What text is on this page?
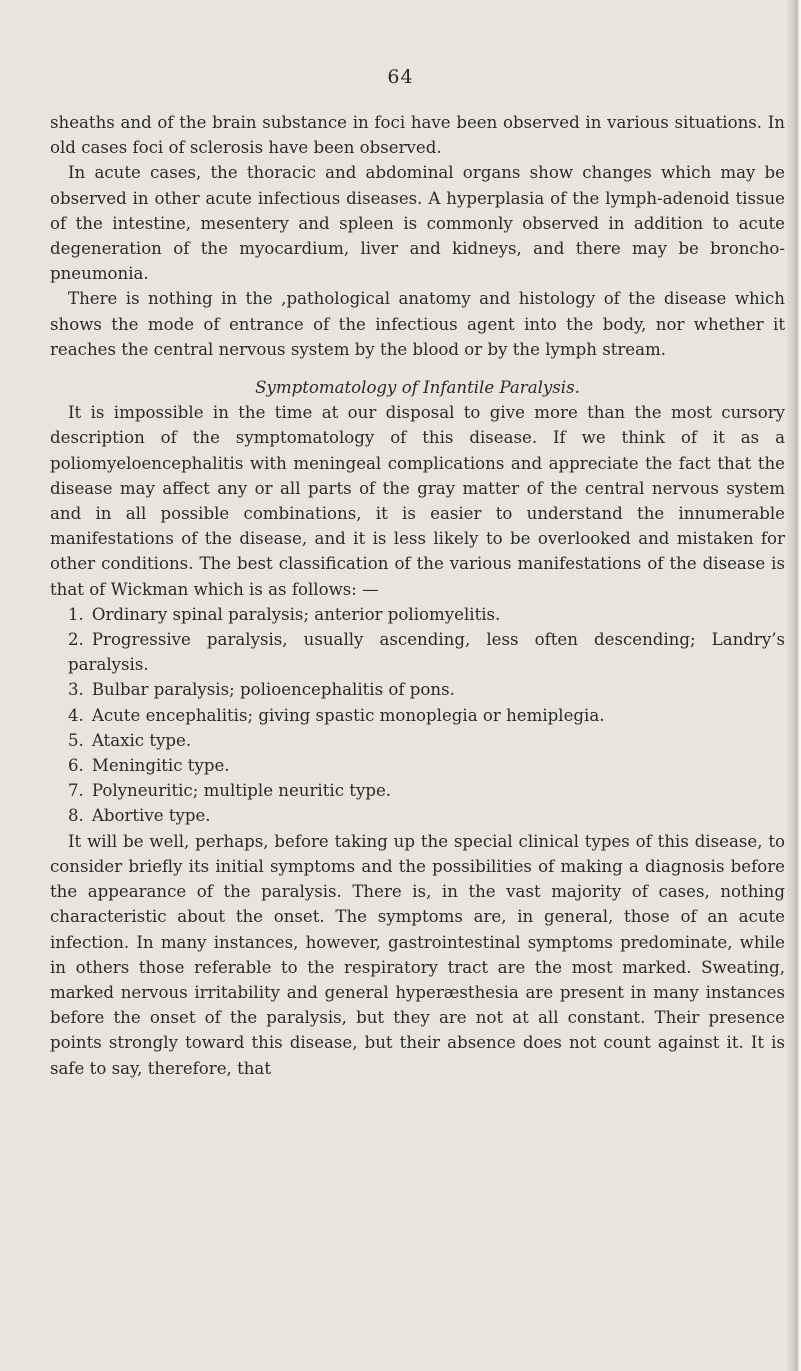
64

sheaths and of the brain substance in foci have been observed in various situations. In old cases foci of sclerosis have been observed.

In acute cases, the thoracic and abdominal organs show changes which may be observed in other acute infectious diseases. A hyperplasia of the lymph-adenoid tissue of the intestine, mesentery and spleen is commonly observed in addition to acute degeneration of the myocardium, liver and kidneys, and there may be broncho-pneumonia.

There is nothing in the ,pathological anatomy and histology of the disease which shows the mode of entrance of the infectious agent into the body, nor whether it reaches the central nervous system by the blood or by the lymph stream.

Symptomatology of Infantile Paralysis.

It is impossible in the time at our disposal to give more than the most cursory description of the symptomatology of this disease. If we think of it as a poliomyeloencephalitis with meningeal complications and appreciate the fact that the disease may affect any or all parts of the gray matter of the central nervous system and in all possible combinations, it is easier to understand the innumerable manifestations of the disease, and it is less likely to be overlooked and mistaken for other conditions. The best classification of the various manifestations of the disease is that of Wickman which is as follows: —

1. Ordinary spinal paralysis; anterior poliomyelitis.

2. Progressive paralysis, usually ascending, less often descending; Landry’s paralysis.

3. Bulbar paralysis; polioencephalitis of pons.

4. Acute encephalitis; giving spastic monoplegia or hemiplegia.

5. Ataxic type.

6. Meningitic type.

7. Polyneuritic; multiple neuritic type.

8. Abortive type.

It will be well, perhaps, before taking up the special clinical types of this disease, to consider briefly its initial symptoms and the possibilities of making a diagnosis before the appearance of the paralysis. There is, in the vast majority of cases, nothing characteristic about the onset. The symptoms are, in general, those of an acute infection. In many instances, however, gastrointestinal symptoms predominate, while in others those referable to the respiratory tract are the most marked. Sweating, marked nervous irritability and general hyperæsthesia are present in many instances before the onset of the paralysis, but they are not at all constant. Their presence points strongly toward this disease, but their absence does not count against it. It is safe to say, therefore, that
